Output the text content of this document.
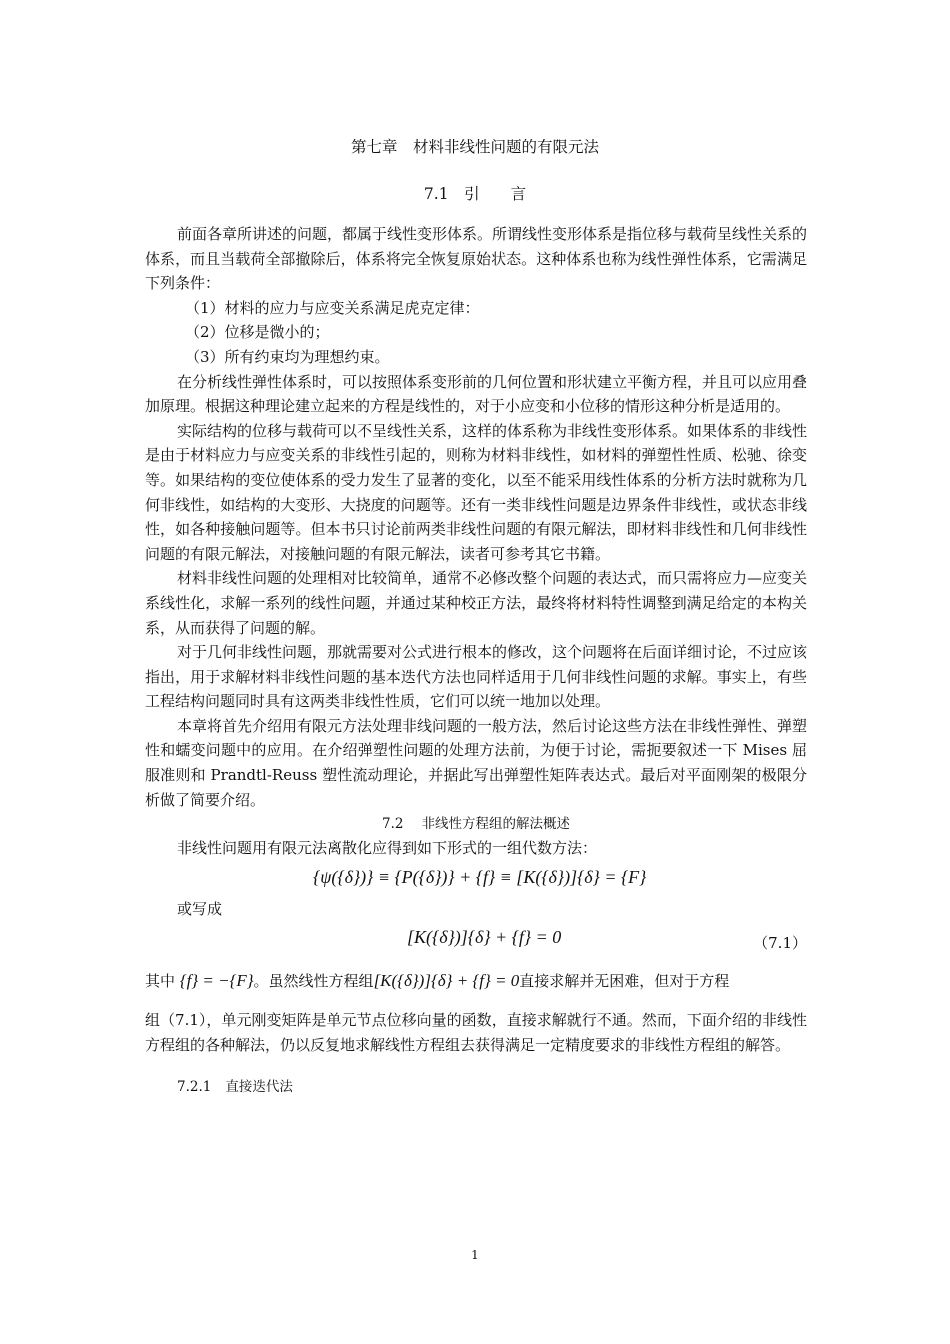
第七章　材料非线性问题的有限元法
7.1　引　　言

前面各章所讲述的问题，都属于线性变形体系。所谓线性变形体系是指位移与载荷呈线性关系的体系，而且当载荷全部撤除后，体系将完全恢复原始状态。这种体系也称为线性弹性体系，它需满足下列条件：

（1）材料的应力与应变关系满足虎克定律：

（2）位移是微小的；

（3）所有约束均为理想约束。

在分析线性弹性体系时，可以按照体系变形前的几何位置和形状建立平衡方程，并且可以应用叠加原理。根据这种理论建立起来的方程是线性的，对于小应变和小位移的情形这种分析是适用的。

实际结构的位移与载荷可以不呈线性关系，这样的体系称为非线性变形体系。如果体系的非线性是由于材料应力与应变关系的非线性引起的，则称为材料非线性，如材料的弹塑性性质、松驰、徐变等。如果结构的变位使体系的受力发生了显著的变化，以至不能采用线性体系的分析方法时就称为几何非线性，如结构的大变形、大挠度的问题等。还有一类非线性问题是边界条件非线性，或状态非线性，如各种接触问题等。但本书只讨论前两类非线性问题的有限元解法，即材料非线性和几何非线性问题的有限元解法，对接触问题的有限元解法，读者可参考其它书籍。

材料非线性问题的处理相对比较简单，通常不必修改整个问题的表达式，而只需将应力—应变关系线性化，求解一系列的线性问题，并通过某种校正方法，最终将材料特性调整到满足给定的本构关系，从而获得了问题的解。

对于几何非线性问题，那就需要对公式进行根本的修改，这个问题将在后面详细讨论，不过应该指出，用于求解材料非线性问题的基本迭代方法也同样适用于几何非线性问题的求解。事实上，有些工程结构问题同时具有这两类非线性性质，它们可以统一地加以处理。

本章将首先介绍用有限元方法处理非线问题的一般方法，然后讨论这些方法在非线性弹性、弹塑性和蠕变问题中的应用。在介绍弹塑性问题的处理方法前，为便于讨论，需扼要叙述一下 Mises 屈服准则和 Prandtl-Reuss 塑性流动理论，并据此写出弹塑性矩阵表达式。最后对平面刚架的极限分析做了简要介绍。

7.2 非线性方程组的解法概述

非线性问题用有限元法离散化应得到如下形式的一组代数方法：

{ψ({δ})} ≡ {P({δ})} + {f} ≡ [K({δ})]{δ} = {F}

或写成

[K({δ})]{δ} + {f} = 0	（7.1）
其中 {f} = −{F}。虽然线性方程组[K({δ})]{δ} + {f} = 0直接求解并无困难，但对于方程

组（7.1），单元刚变矩阵是单元节点位移向量的函数，直接求解就行不通。然而，下面介绍的非线性方程组的各种解法，仍以反复地求解线性方程组去获得满足一定精度要求的非线性方程组的解答。

7.2.1 直接迭代法
1
